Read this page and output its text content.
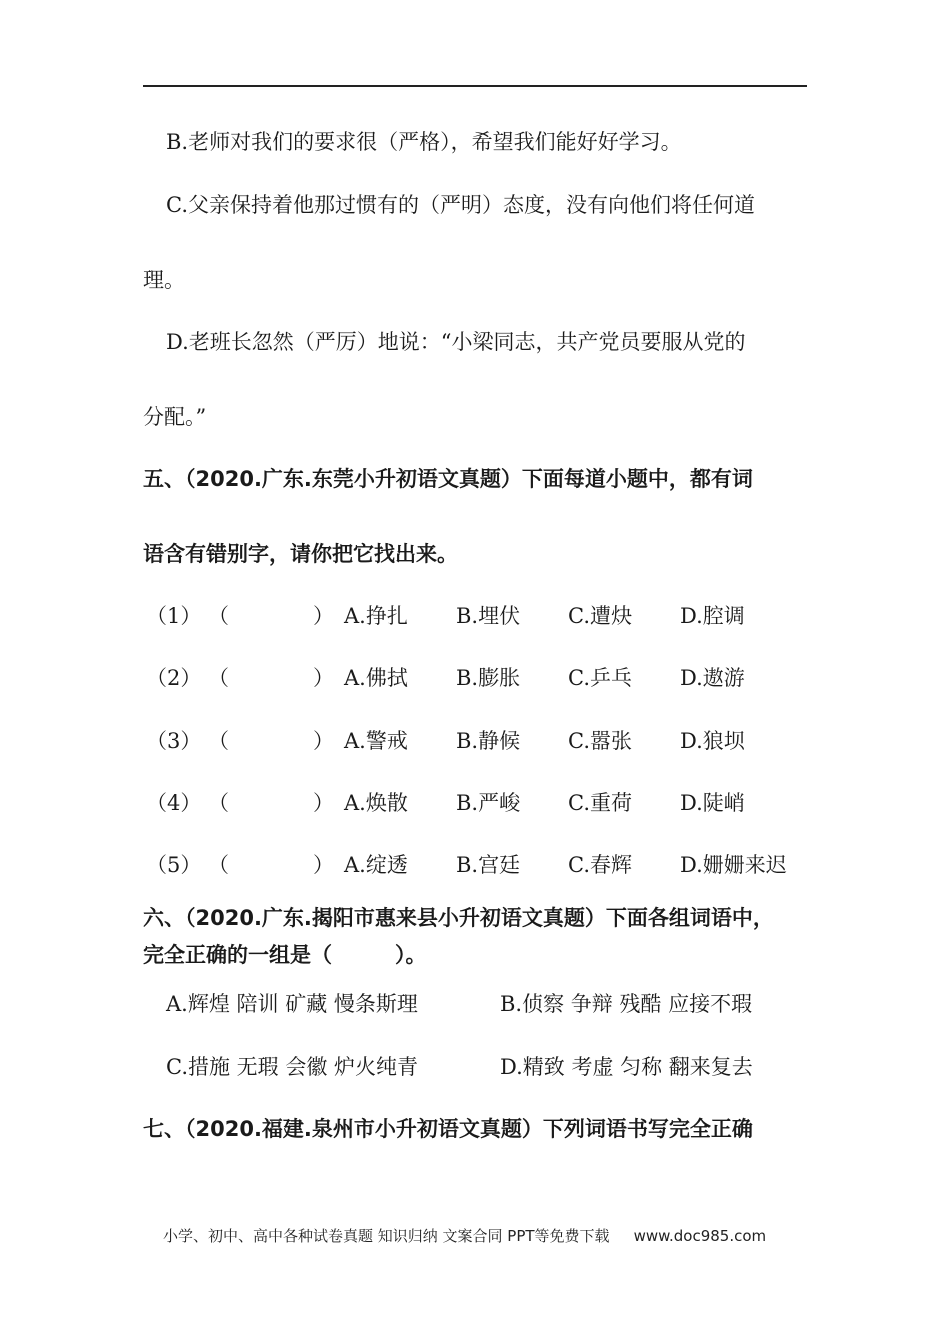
B.老师对我们的要求很（严格），希望我们能好好学习。
C.父亲保持着他那过惯有的（严明）态度，没有向他们将任何道
理。
D.老班长忽然（严厉）地说：“小梁同志，共产党员要服从党的
分配。”
五、（2020.广东.东莞小升初语文真题）下面每道小题中，都有词
语含有错别字，请你把它找出来。
（1） （　　　　） A.挣扎 B.埋伏 C.遭炔 D.腔调
（2） （　　　　） A.佛拭 B.膨胀 C.乒乓 D.遨游
（3） （　　　　） A.警戒 B.静候 C.嚣张 D.狼坝
（4） （　　　　） A.焕散 B.严峻 C.重荷 D.陡峭
（5） （　　　　） A.绽透 B.宫廷 C.春辉 D.姗姗来迟
六、（2020.广东.揭阳市惠来县小升初语文真题）下面各组词语中，
完全正确的一组是（　　　）。
A.辉煌 陪训 矿藏 慢条斯理	B.侦察 争辩 残酷 应接不瑕
C.措施 无瑕 会徽 炉火纯青	D.精致 考虚 匀称 翻来复去
七、（2020.福建.泉州市小升初语文真题）下列词语书写完全正确
小学、初中、高中各种试卷真题 知识归纳 文案合同 PPT等免费下载 www.doc985.com
